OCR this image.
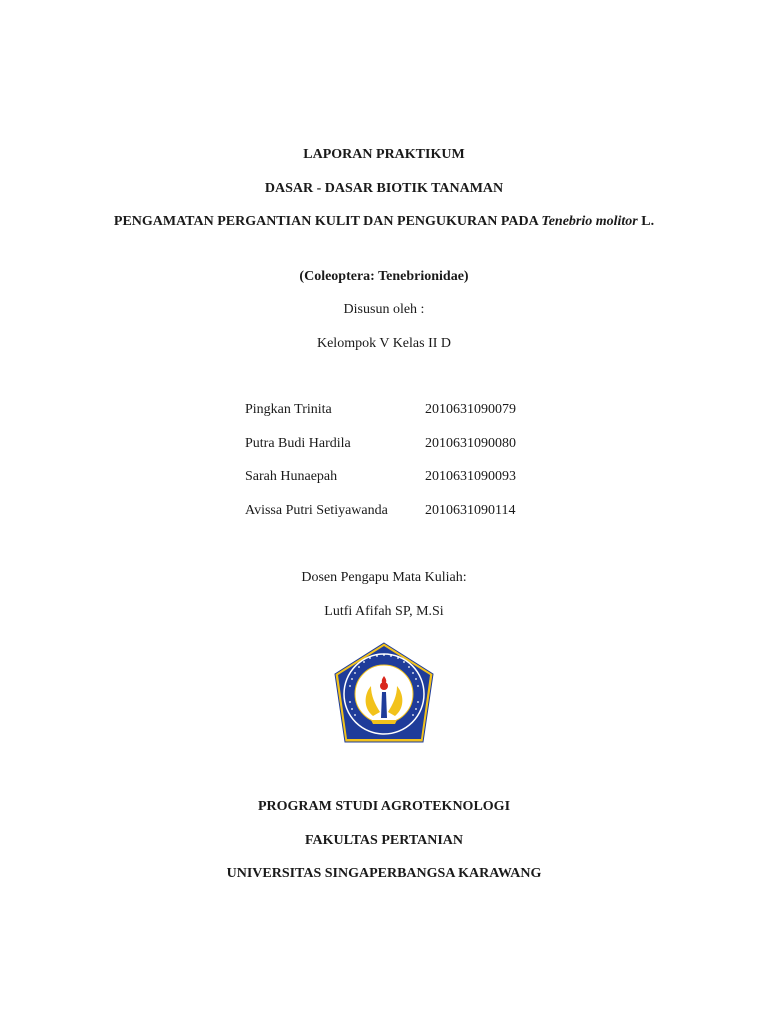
LAPORAN PRAKTIKUM
DASAR - DASAR BIOTIK TANAMAN
PENGAMATAN PERGANTIAN KULIT DAN PENGUKURAN PADA Tenebrio molitor L.
(Coleoptera: Tenebrionidae)
Disusun oleh :
Kelompok V Kelas II D
Pingkan Trinita	2010631090079
Putra Budi Hardila	2010631090080
Sarah Hunaepah	2010631090093
Avissa Putri Setiyawanda	2010631090114
Dosen Pengapu Mata Kuliah:
Lutfi Afifah SP, M.Si
PROGRAM STUDI AGROTEKNOLOGI
FAKULTAS PERTANIAN
UNIVERSITAS SINGAPERBANGSA KARAWANG
